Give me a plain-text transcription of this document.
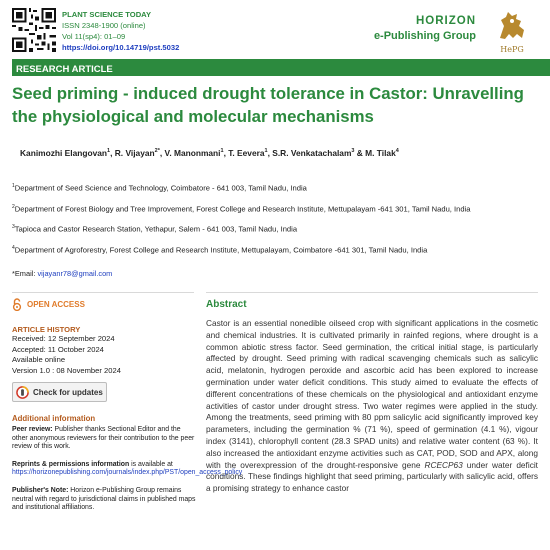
PLANT SCIENCE TODAY
ISSN 2348-1900 (online)
Vol 11(sp4): 01–09
https://doi.org/10.14719/pst.5032
HORIZON
e-Publishing Group
HePG
RESEARCH ARTICLE
Seed priming - induced drought tolerance in Castor: Unravelling the physiological and molecular mechanisms
Kanimozhi Elangovan$^1$, R. Vijayan$^{2*}$, V. Manonmani$^1$, T. Eevera$^1$, S.R. Venkatachalam$^3$ & M. Tilak$^4$
$^1$Department of Seed Science and Technology, Coimbatore - 641 003, Tamil Nadu, India
$^2$Department of Forest Biology and Tree Improvement, Forest College and Research Institute, Mettupalayam -641 301, Tamil Nadu, India
$^3$Tapioca and Castor Research Station, Yethapur, Salem - 641 003, Tamil Nadu, India
$^4$Department of Agroforestry, Forest College and Research Institute, Mettupalayam, Coimbatore -641 301, Tamil Nadu, India
*Email: vijayanr78@gmail.com
OPEN ACCESS
ARTICLE HISTORY
Received: 12 September 2024
Accepted: 11 October 2024
Available online
Version 1.0 : 08 November 2024
Check for updates
Additional information
Peer review: Publisher thanks Sectional Editor and the other anonymous reviewers for their contribution to the peer review of this work.
Reprints & permissions information is available at https://horizonepublishing.com/journals/index.php/PST/open_access_policy
Publisher's Note: Horizon e-Publishing Group remains neutral with regard to jurisdictional claims in published maps and institutional affiliations.
Abstract
Castor is an essential nonedible oilseed crop with significant applications in the cosmetic and chemical industries. It is cultivated primarily in rainfed regions, where drought is a common abiotic stress factor. Seed germination, the critical initial stage, is particularly affected by drought. Seed priming with radical scavenging chemicals such as salicylic acid, melatonin, hydrogen peroxide and ascorbic acid has been explored to increase germination under water deficit conditions. This study aimed to evaluate the effects of different concentrations of these chemicals on the physiological and antioxidant enzyme activities of castor under drought stress. Two water regimes were applied in the study. Among the treatments, seed priming with 80 ppm salicylic acid significantly improved key parameters, including the germination % (71 %), speed of germination (4.1 %), vigour index (3141), chlorophyll content (28.3 SPAD units) and relative water content (63 %). It also increased the antioxidant enzyme activities such as CAT, POD, SOD and APX, along with the overexpression of the drought-responsive gene RCECP63 under water deficit conditions. These findings highlight that seed priming, particularly with salicylic acid, offers a promising strategy to enhance castor
